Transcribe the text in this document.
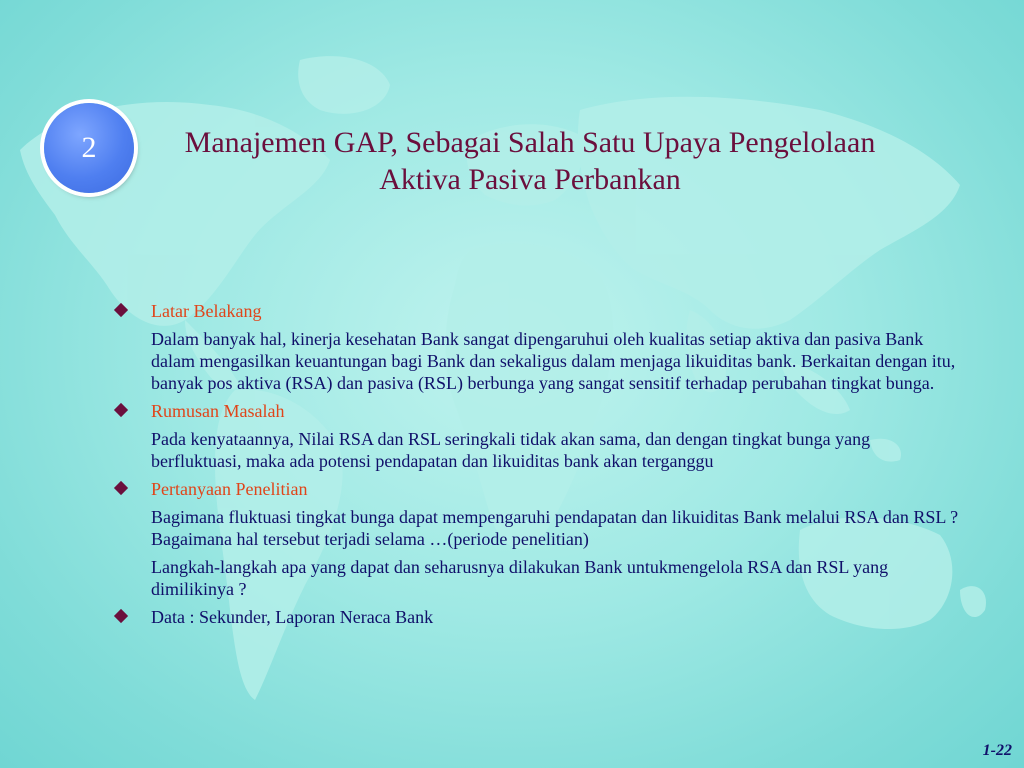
2	Manajemen GAP, Sebagai Salah Satu Upaya Pengelolaan
Aktiva Pasiva Perbankan
Latar Belakang
Dalam banyak hal, kinerja kesehatan Bank sangat dipengaruhui oleh kualitas setiap aktiva dan pasiva Bank dalam mengasilkan keuantungan bagi Bank dan sekaligus dalam menjaga likuiditas bank. Berkaitan dengan itu, banyak pos aktiva (RSA) dan pasiva (RSL) berbunga yang sangat sensitif terhadap perubahan tingkat bunga.
Rumusan Masalah
Pada kenyataannya, Nilai RSA dan RSL seringkali tidak akan sama, dan dengan tingkat bunga yang berfluktuasi, maka ada potensi pendapatan dan likuiditas bank akan terganggu
Pertanyaan Penelitian
Bagimana fluktuasi tingkat bunga dapat mempengaruhi pendapatan dan likuiditas Bank melalui RSA dan RSL ? Bagaimana hal tersebut terjadi selama …(periode penelitian)
Langkah-langkah apa yang dapat dan seharusnya dilakukan Bank untukmengelola RSA dan RSL yang dimilikinya ?
Data : Sekunder, Laporan Neraca Bank
1-22
